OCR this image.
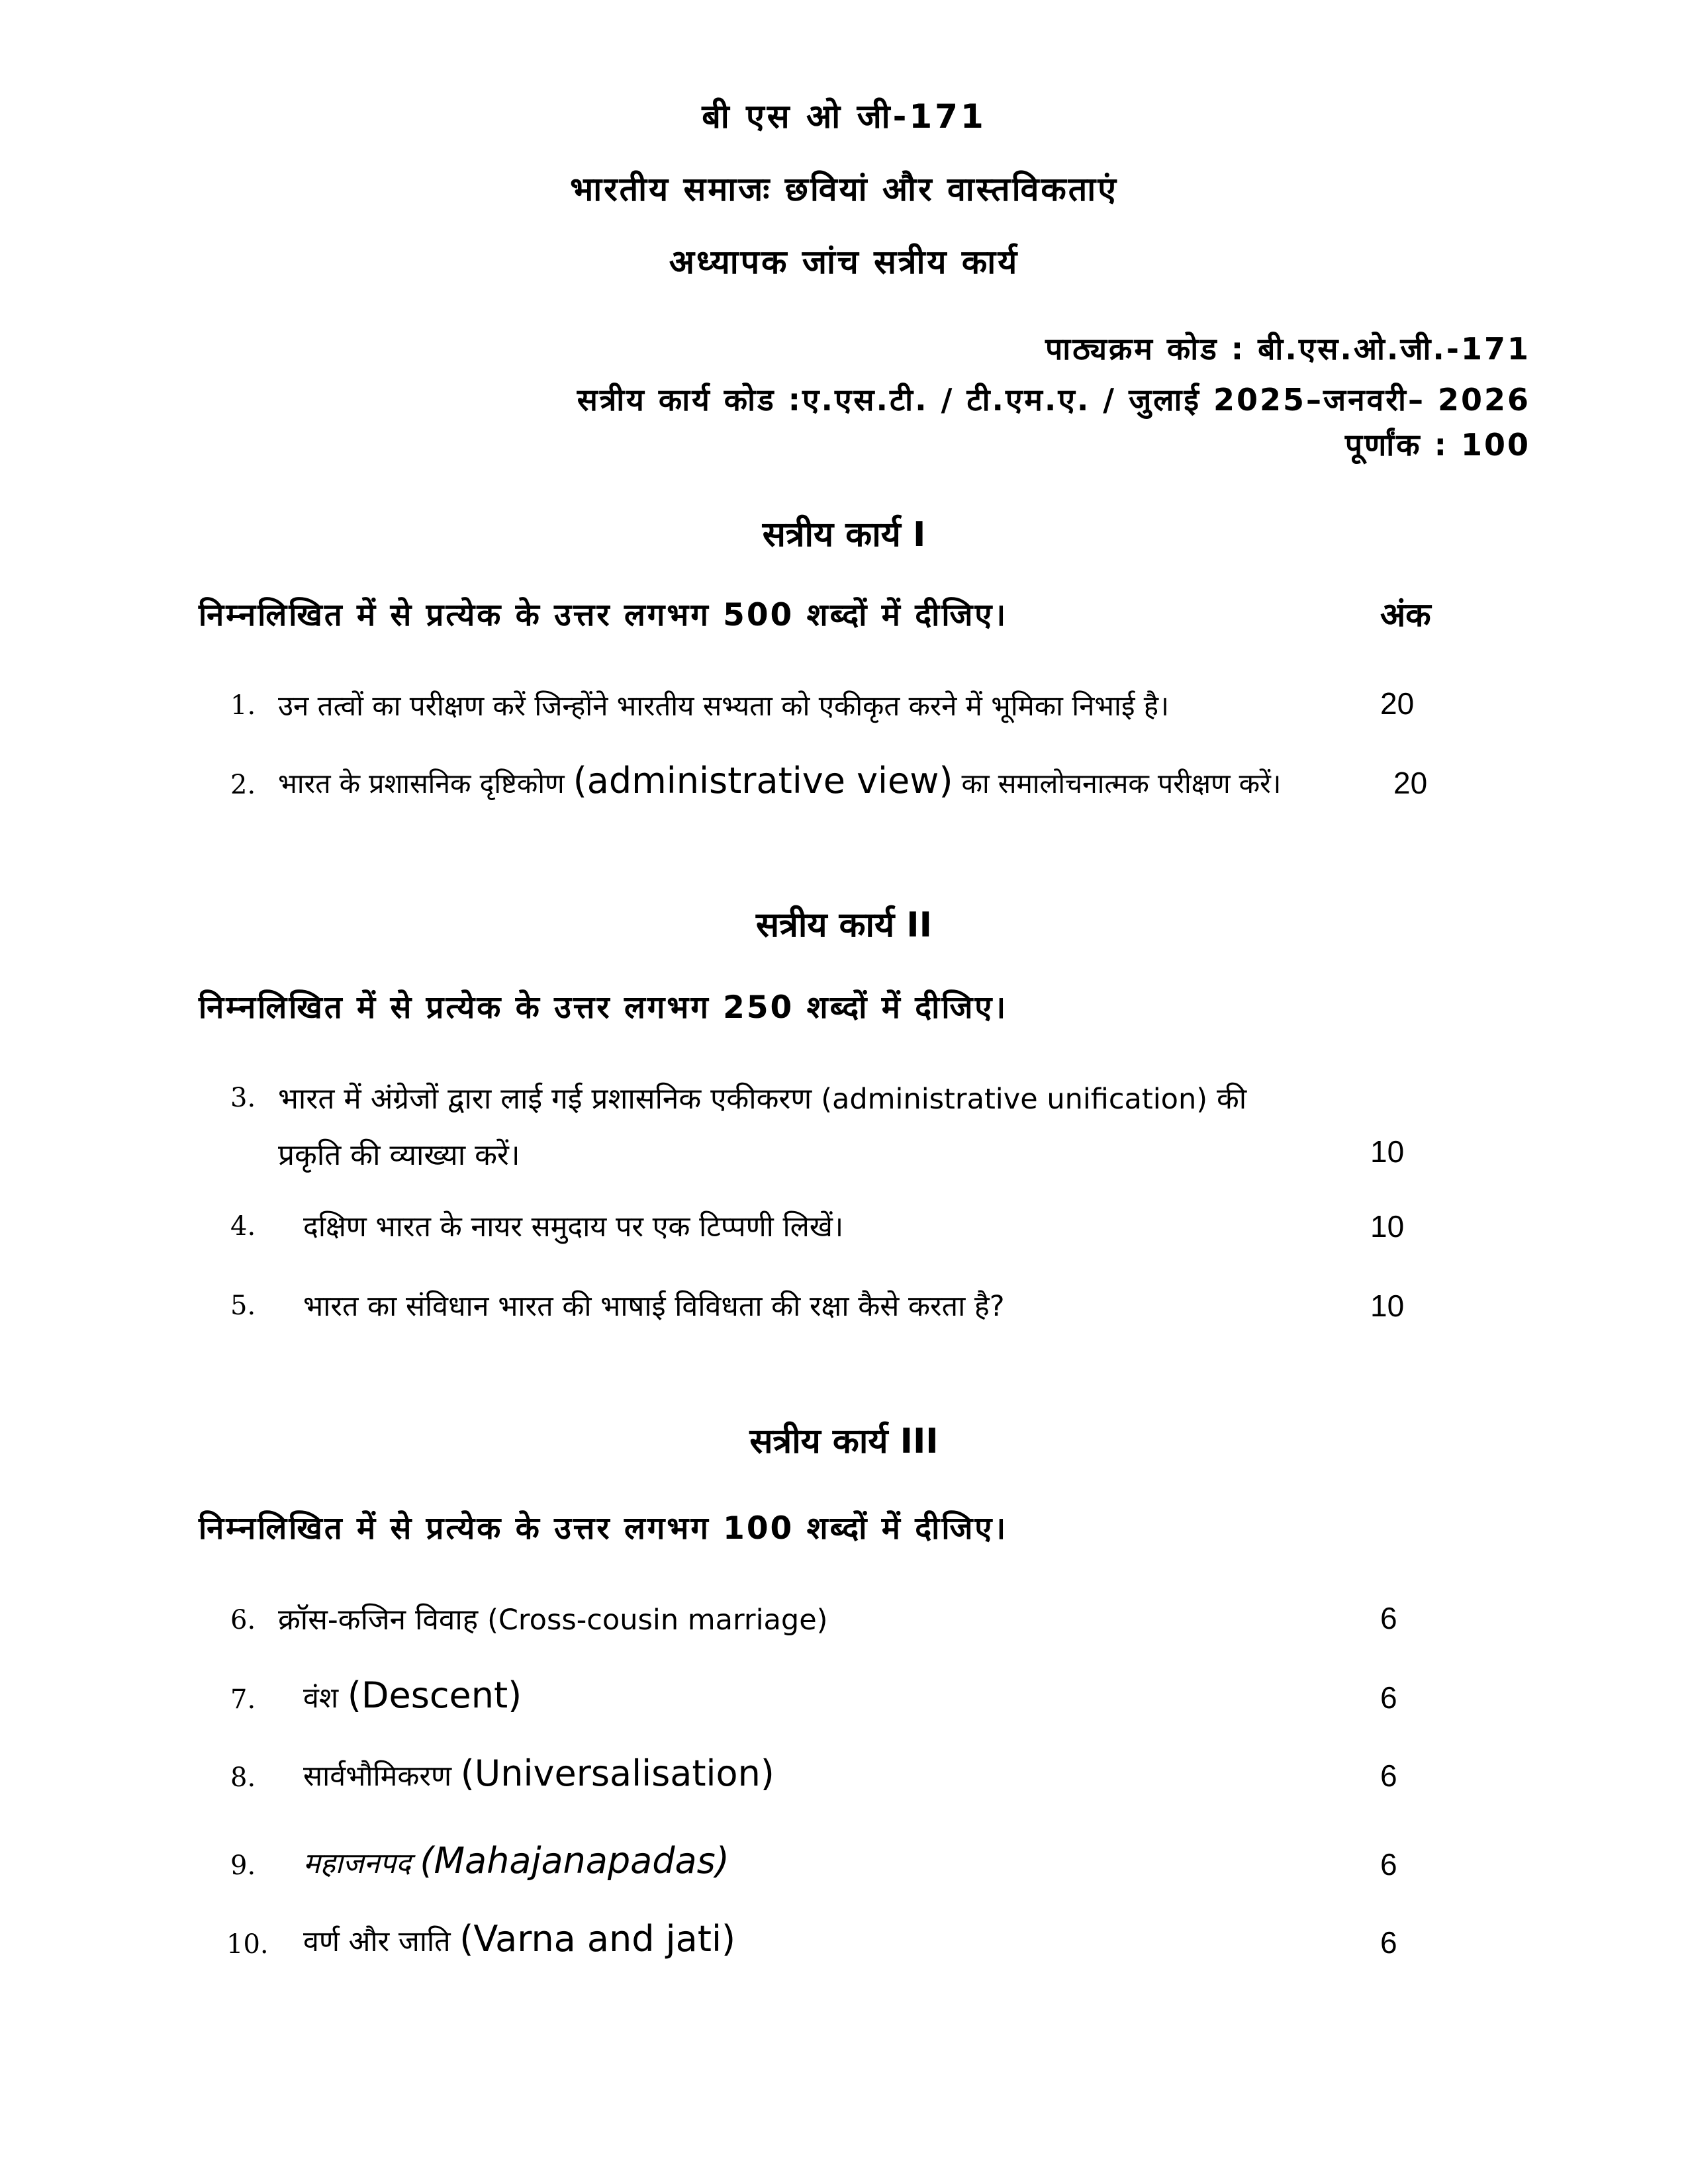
बी एस ओ जी-171
भारतीय समाजः छवियां और वास्तविकताएं
अध्यापक जांच सत्रीय कार्य
पाठ्यक्रम कोड : बी.एस.ओ.जी.-171
सत्रीय कार्य कोड :ए.एस.टी. / टी.एम.ए. / जुलाई 2025–जनवरी– 2026
पूर्णांक : 100
सत्रीय कार्य I
निम्नलिखित में से प्रत्येक के उत्तर लगभग 500 शब्दों में दीजिए।	अंक
1. उन तत्वों का परीक्षण करें जिन्होंने भारतीय सभ्यता को एकीकृत करने में भूमिका निभाई है।	20
2. भारत के प्रशासनिक दृष्टिकोण (administrative view) का समालोचनात्मक परीक्षण करें।	20
सत्रीय कार्य II
निम्नलिखित में से प्रत्येक के उत्तर लगभग 250 शब्दों में दीजिए।
3. भारत में अंग्रेजों द्वारा लाई गई प्रशासनिक एकीकरण (administrative unification) की
प्रकृति की व्याख्या करें।	10
4. दक्षिण भारत के नायर समुदाय पर एक टिप्पणी लिखें।	10
5. भारत का संविधान भारत की भाषाई विविधता की रक्षा कैसे करता है?	10
सत्रीय कार्य III
निम्नलिखित में से प्रत्येक के उत्तर लगभग 100 शब्दों में दीजिए।
6. क्रॉस-कजिन विवाह (Cross-cousin marriage)	6
7. वंश (Descent)	6
8. सार्वभौमिकरण (Universalisation)	6
9. महाजनपद (Mahajanapadas)	6
10. वर्ण और जाति (Varna and jati)	6
